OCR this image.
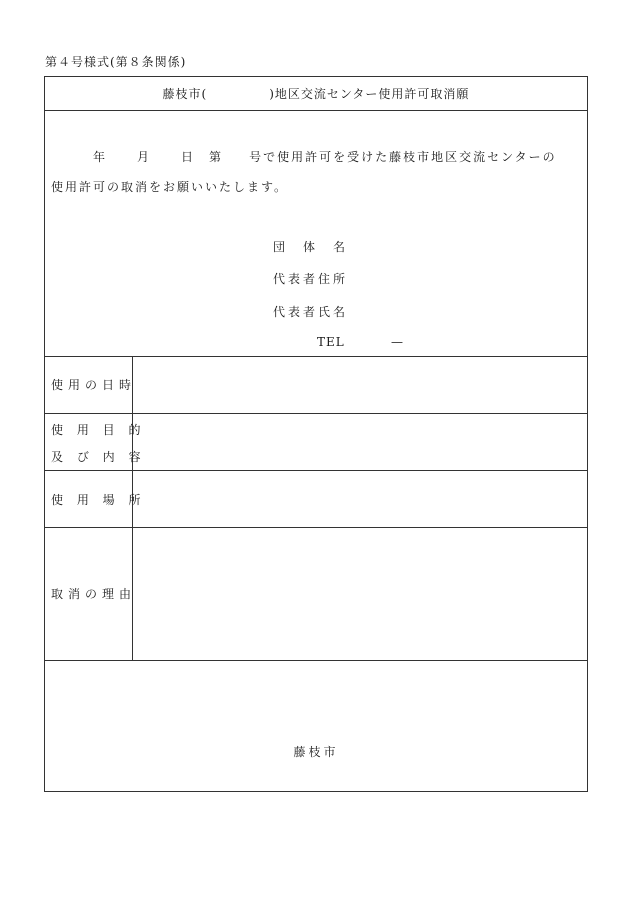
第４号様式(第８条関係)
藤枝市(	)地区交流センター使用許可取消願
年	月	日 第 号で使用許可を受けた藤枝市地区交流センターの
使用許可の取消をお願いいたします。
団　体　名
代表者住所
代表者氏名
TEL	—
使用の日時
使 用 目 的
及 び 内 容
使 用 場 所
取消の理由
藤枝市
